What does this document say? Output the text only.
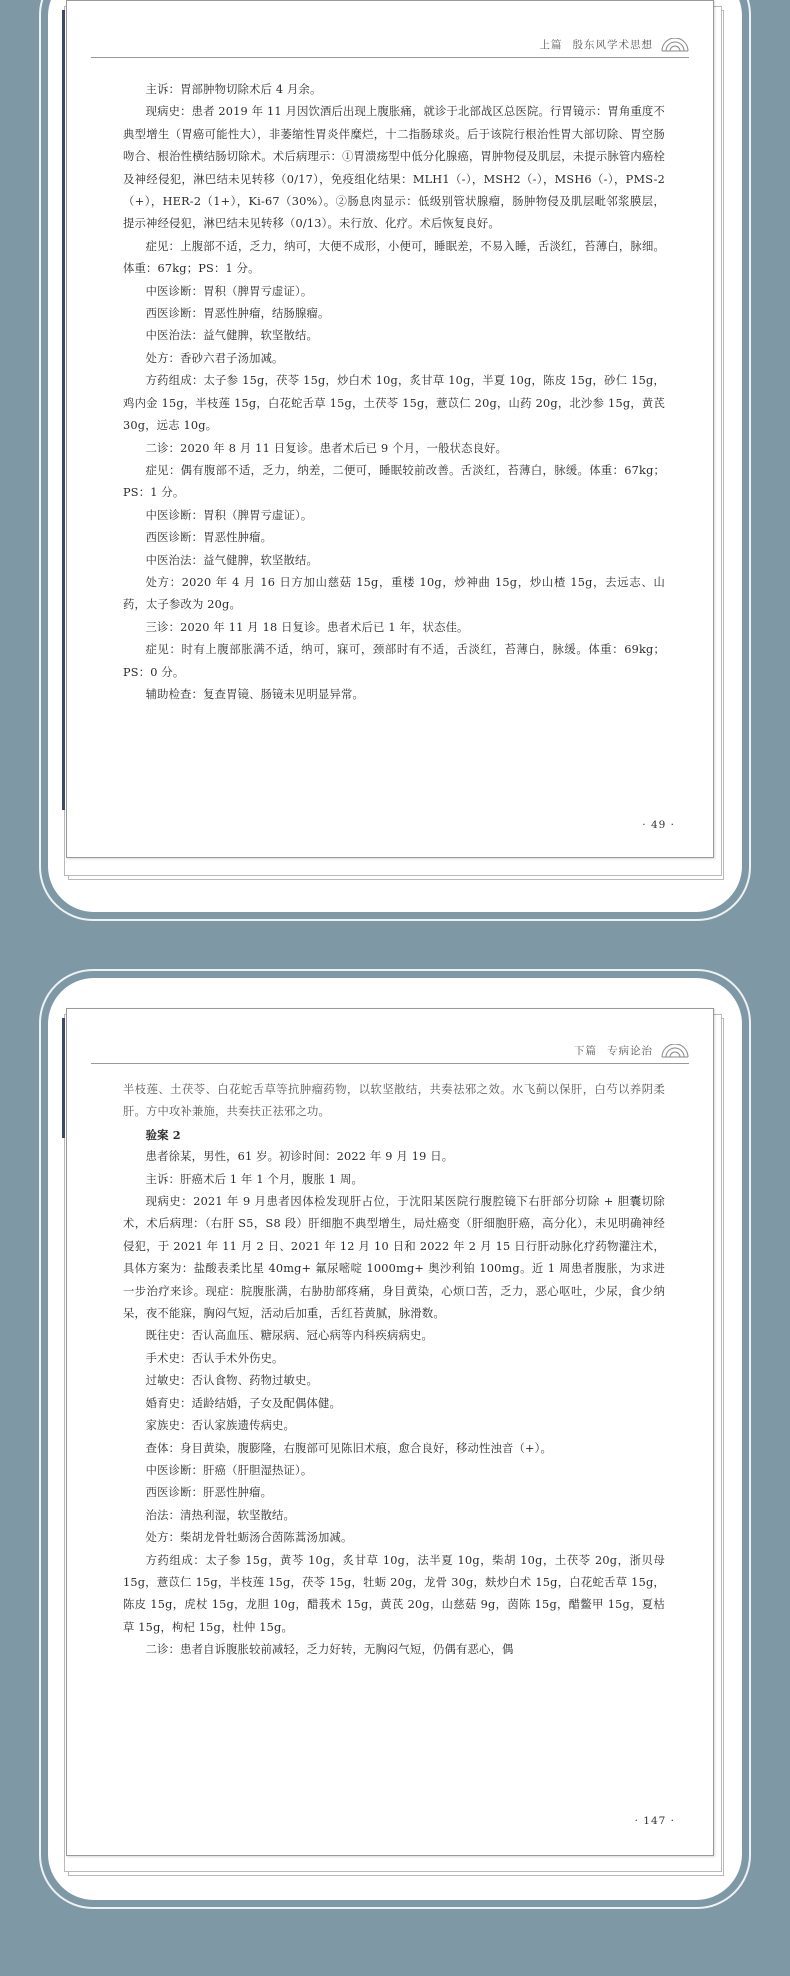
上篇 殷东风学术思想

主诉：胃部肿物切除术后 4 月余。

现病史：患者 2019 年 11 月因饮酒后出现上腹胀痛，就诊于北部战区总医院。行胃镜示：胃角重度不典型增生（胃癌可能性大），非萎缩性胃炎伴糜烂，十二指肠球炎。后于该院行根治性胃大部切除、胃空肠吻合、根治性横结肠切除术。术后病理示：①胃溃疡型中低分化腺癌，胃肿物侵及肌层，未提示脉管内癌栓及神经侵犯，淋巴结未见转移（0/17），免疫组化结果：MLH1（-），MSH2（-），MSH6（-），PMS-2（+），HER-2（1+），Ki-67（30%）。②肠息肉显示：低级别管状腺瘤，肠肿物侵及肌层毗邻浆膜层，提示神经侵犯，淋巴结未见转移（0/13）。未行放、化疗。术后恢复良好。

症见：上腹部不适，乏力，纳可，大便不成形，小便可，睡眠差，不易入睡，舌淡红，苔薄白，脉细。体重：67kg；PS：1 分。

中医诊断：胃积（脾胃亏虚证）。

西医诊断：胃恶性肿瘤，结肠腺瘤。

中医治法：益气健脾，软坚散结。

处方：香砂六君子汤加减。

方药组成：太子参 15g，茯苓 15g，炒白术 10g，炙甘草 10g，半夏 10g，陈皮 15g，砂仁 15g，鸡内金 15g，半枝莲 15g，白花蛇舌草 15g，土茯苓 15g，薏苡仁 20g，山药 20g，北沙参 15g，黄芪 30g，远志 10g。

二诊：2020 年 8 月 11 日复诊。患者术后已 9 个月，一般状态良好。

症见：偶有腹部不适，乏力，纳差，二便可，睡眠较前改善。舌淡红，苔薄白，脉缓。体重：67kg；PS：1 分。

中医诊断：胃积（脾胃亏虚证）。

西医诊断：胃恶性肿瘤。

中医治法：益气健脾，软坚散结。

处方：2020 年 4 月 16 日方加山慈菇 15g，重楼 10g，炒神曲 15g，炒山楂 15g，去远志、山药，太子参改为 20g。

三诊：2020 年 11 月 18 日复诊。患者术后已 1 年，状态佳。

症见：时有上腹部胀满不适，纳可，寐可，颈部时有不适，舌淡红，苔薄白，脉缓。体重：69kg；PS：0 分。

辅助检查：复查胃镜、肠镜未见明显异常。

· 49 ·
下篇 专病论治

半枝莲、土茯苓、白花蛇舌草等抗肿瘤药物，以软坚散结，共奏祛邪之效。水飞蓟以保肝，白芍以养阴柔肝。方中攻补兼施，共奏扶正祛邪之功。

验案 2

患者徐某，男性，61 岁。初诊时间：2022 年 9 月 19 日。

主诉：肝癌术后 1 年 1 个月，腹胀 1 周。

现病史：2021 年 9 月患者因体检发现肝占位，于沈阳某医院行腹腔镜下右肝部分切除 + 胆囊切除术，术后病理：（右肝 S5，S8 段）肝细胞不典型增生，局灶癌变（肝细胞肝癌，高分化），未见明确神经侵犯，于 2021 年 11 月 2 日、2021 年 12 月 10 日和 2022 年 2 月 15 日行肝动脉化疗药物灌注术，具体方案为：盐酸表柔比星 40mg+ 氟尿嘧啶 1000mg+ 奥沙利铂 100mg。近 1 周患者腹胀，为求进一步治疗来诊。现症：脘腹胀满，右胁肋部疼痛，身目黄染，心烦口苦，乏力，恶心呕吐，少尿，食少纳呆，夜不能寐，胸闷气短，活动后加重，舌红苔黄腻，脉滑数。

既往史：否认高血压、糖尿病、冠心病等内科疾病病史。

手术史：否认手术外伤史。

过敏史：否认食物、药物过敏史。

婚育史：适龄结婚，子女及配偶体健。

家族史：否认家族遗传病史。

查体：身目黄染，腹膨隆，右腹部可见陈旧术痕，愈合良好，移动性浊音（+）。

中医诊断：肝癌（肝胆湿热证）。

西医诊断：肝恶性肿瘤。

治法：清热利湿，软坚散结。

处方：柴胡龙骨牡蛎汤合茵陈蒿汤加减。

方药组成：太子参 15g，黄芩 10g，炙甘草 10g，法半夏 10g，柴胡 10g，土茯苓 20g，浙贝母 15g，薏苡仁 15g，半枝莲 15g，茯苓 15g，牡蛎 20g，龙骨 30g，麸炒白术 15g，白花蛇舌草 15g，陈皮 15g，虎杖 15g，龙胆 10g，醋莪术 15g，黄芪 20g，山慈菇 9g，茵陈 15g，醋鳖甲 15g，夏枯草 15g，枸杞 15g，杜仲 15g。

二诊：患者自诉腹胀较前减轻，乏力好转，无胸闷气短，仍偶有恶心，偶

· 147 ·
